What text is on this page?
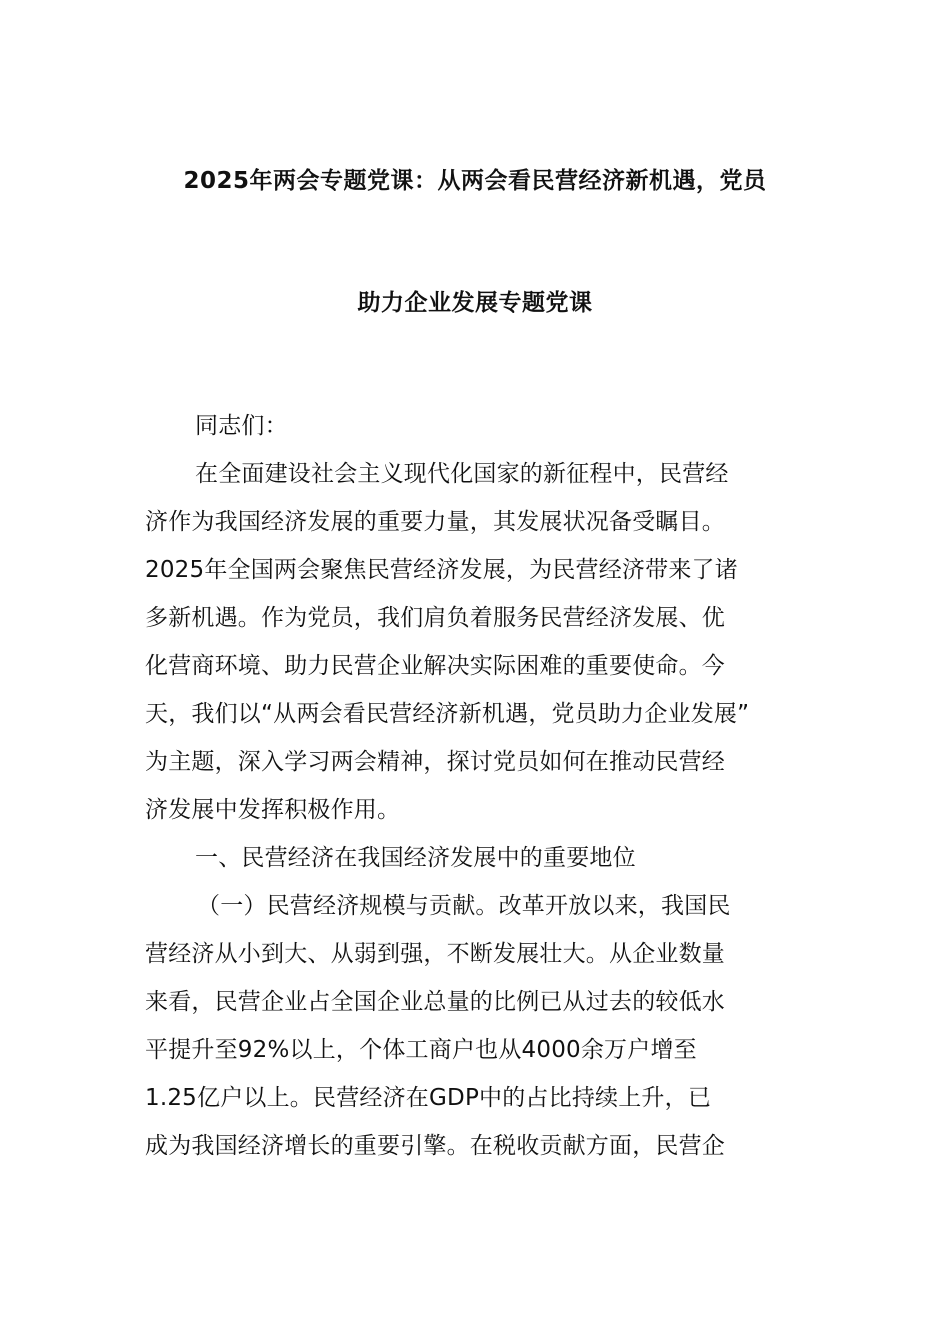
2025年两会专题党课：从两会看民营经济新机遇，党员
助力企业发展专题党课
同志们：
在全面建设社会主义现代化国家的新征程中，民营经
济作为我国经济发展的重要力量，其发展状况备受瞩目。
2025年全国两会聚焦民营经济发展，为民营经济带来了诸
多新机遇。作为党员，我们肩负着服务民营经济发展、优
化营商环境、助力民营企业解决实际困难的重要使命。今
天，我们以“从两会看民营经济新机遇，党员助力企业发展”
为主题，深入学习两会精神，探讨党员如何在推动民营经
济发展中发挥积极作用。
一、民营经济在我国经济发展中的重要地位
（一）民营经济规模与贡献。改革开放以来，我国民
营经济从小到大、从弱到强，不断发展壮大。从企业数量
来看，民营企业占全国企业总量的比例已从过去的较低水
平提升至92%以上，个体工商户也从4000余万户增至
1.25亿户以上。民营经济在GDP中的占比持续上升，已
成为我国经济增长的重要引擎。在税收贡献方面，民营企
